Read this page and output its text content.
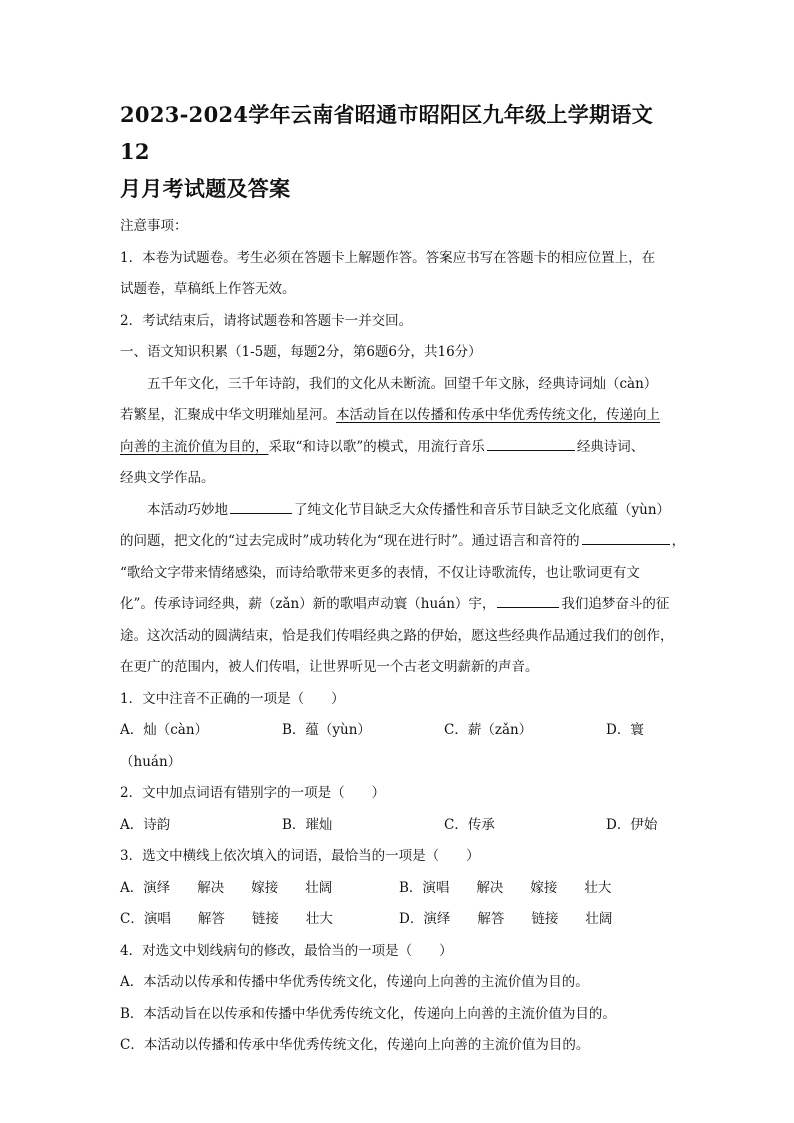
2023-2024学年云南省昭通市昭阳区九年级上学期语文12
月月考试题及答案

注意事项：

1．本卷为试题卷。考生必须在答题卡上解题作答。答案应书写在答题卡的相应位置上，在

试题卷，草稿纸上作答无效。

2．考试结束后，请将试题卷和答题卡一并交回。

一、语文知识积累（1-5题，每题2分，第6题6分，共16分）

五千年文化，三千年诗韵，我们的文化从未断流。回望千年文脉，经典诗词灿（càn）

若繁星，汇聚成中华文明璀灿星河。本活动旨在以传播和传承中华优秀传统文化，传递向上

向善的主流价值为目的，采取“和诗以歌”的模式，用流行音乐	经典诗词、

经典文学作品。

本活动巧妙地	了纯文化节目缺乏大众传播性和音乐节目缺乏文化底蕴（yùn）

的问题，把文化的“过去完成时”成功转化为“现在进行时”。通过语言和音符的	，

“歌给文字带来情绪感染，而诗给歌带来更多的表情，不仅让诗歌流传，也让歌词更有文

化”。传承诗词经典，薪（zǎn）新的歌唱声动寰（huán）宇，	我们追梦奋斗的征

途。这次活动的圆满结束，恰是我们传唱经典之路的伊始，愿这些经典作品通过我们的创作，

在更广的范围内，被人们传唱，让世界听见一个古老文明薪新的声音。

1．文中注音不正确的一项是（　　）

A．灿（càn）	B．蕴（yùn）	C．薪（zǎn）	D．寰

（huán）

2．文中加点词语有错别字的一项是（　　）

A．诗韵	B．璀灿	C．传承	D．伊始

3．选文中横线上依次填入的词语，最恰当的一项是（　　）

A．演绎　　解决　　嫁接　　壮阔	B．演唱　　解决　　嫁接　　壮大
C．演唱　　解答　　链接　　壮大	D．演绎　　解答　　链接　　壮阔

4．对选文中划线病句的修改，最恰当的一项是（　　）

A．本活动以传承和传播中华优秀传统文化，传递向上向善的主流价值为目的。

B．本活动旨在以传承和传播中华优秀传统文化，传递向上向善的主流价值为目的。

C．本活动以传播和传承中华优秀传统文化，传递向上向善的主流价值为目的。
